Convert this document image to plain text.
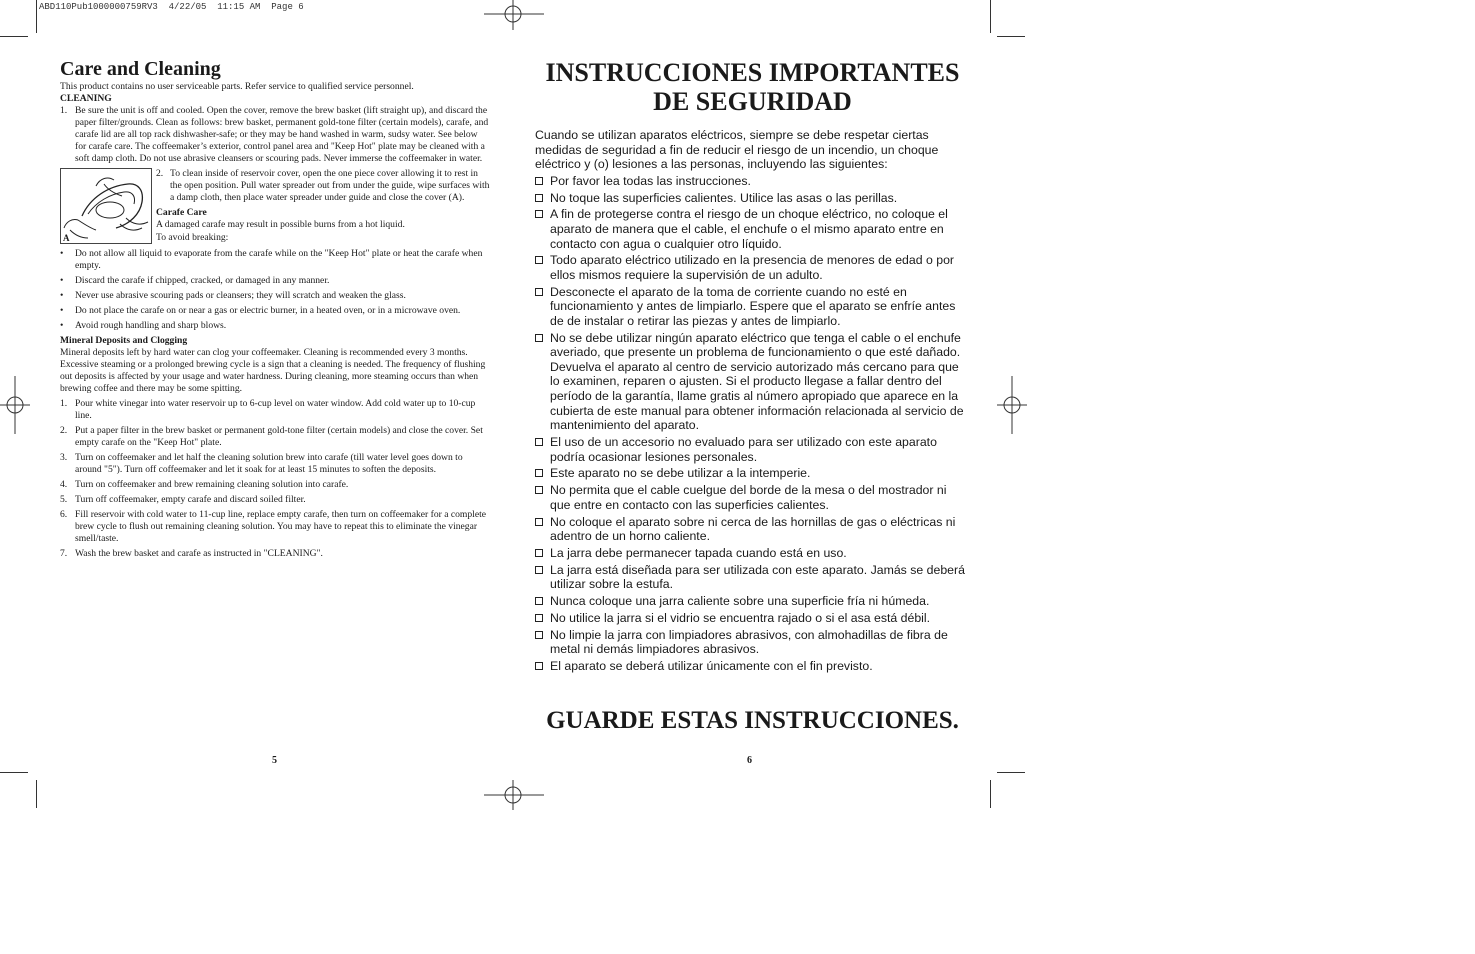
ABD110Pub1000000759RV3  4/22/05  11:15 AM  Page 6
Care and Cleaning

This product contains no user serviceable parts. Refer service to qualified service personnel.

CLEANING

1. Be sure the unit is off and cooled. Open the cover, remove the brew basket (lift straight up), and discard the paper filter/grounds. Clean as follows: brew basket, permanent gold-tone filter (certain models), carafe, and carafe lid are all top rack dishwasher-safe; or they may be hand washed in warm, sudsy water. See below for carafe care. The coffeemaker’s exterior, control panel area and "Keep Hot" plate may be cleaned with a soft damp cloth. Do not use abrasive cleansers or scouring pads. Never immerse the coffeemaker in water.
A
2. To clean inside of reservoir cover, open the one piece cover allowing it to rest in the open position. Pull water spreader out from under the guide, wipe surfaces with a damp cloth, then place water spreader under guide and close the cover (A).

Carafe Care

A damaged carafe may result in possible burns from a hot liquid.

To avoid breaking:

• Do not allow all liquid to evaporate from the carafe while on the "Keep Hot" plate or heat the carafe when empty.
• Discard the carafe if chipped, cracked, or damaged in any manner.
• Never use abrasive scouring pads or cleansers; they will scratch and weaken the glass.
• Do not place the carafe on or near a gas or electric burner, in a heated oven, or in a microwave oven.
• Avoid rough handling and sharp blows.

Mineral Deposits and Clogging

Mineral deposits left by hard water can clog your coffeemaker. Cleaning is recommended every 3 months. Excessive steaming or a prolonged brewing cycle is a sign that a cleaning is needed. The frequency of flushing out deposits is affected by your usage and water hardness. During cleaning, more steaming occurs than when brewing coffee and there may be some spitting.

1. Pour white vinegar into water reservoir up to 6-cup level on water window. Add cold water up to 10-cup line.
2. Put a paper filter in the brew basket or permanent gold-tone filter (certain models) and close the cover. Set empty carafe on the "Keep Hot" plate.
3. Turn on coffeemaker and let half the cleaning solution brew into carafe (till water level goes down to around "5"). Turn off coffeemaker and let it soak for at least 15 minutes to soften the deposits.
4. Turn on coffeemaker and brew remaining cleaning solution into carafe.
5. Turn off coffeemaker, empty carafe and discard soiled filter.
6. Fill reservoir with cold water to 11-cup line, replace empty carafe, then turn on coffeemaker for a complete brew cycle to flush out remaining cleaning solution. You may have to repeat this to eliminate the vinegar smell/taste.
7. Wash the brew basket and carafe as instructed in "CLEANING".
5
INSTRUCCIONES IMPORTANTES
DE SEGURIDAD

Cuando se utilizan aparatos eléctricos, siempre se debe respetar ciertas medidas de seguridad a fin de reducir el riesgo de un incendio, un choque eléctrico y (o) lesiones a las personas, incluyendo las siguientes:

Por favor lea todas las instrucciones.
No toque las superficies calientes. Utilice las asas o las perillas.
A fin de protegerse contra el riesgo de un choque eléctrico, no coloque el aparato de manera que el cable, el enchufe o el mismo aparato entre en contacto con agua o cualquier otro líquido.
Todo aparato eléctrico utilizado en la presencia de menores de edad o por ellos mismos requiere la supervisión de un adulto.
Desconecte el aparato de la toma de corriente cuando no esté en funcionamiento y antes de limpiarlo. Espere que el aparato se enfríe antes de de instalar o retirar las piezas y antes de limpiarlo.
No se debe utilizar ningún aparato eléctrico que tenga el cable o el enchufe averiado, que presente un problema de funcionamiento o que esté dañado. Devuelva el aparato al centro de servicio autorizado más cercano para que lo examinen, reparen o ajusten. Si el producto llegase a fallar dentro del período de la garantía, llame gratis al número apropiado que aparece en la cubierta de este manual para obtener información relacionada al servicio de mantenimiento del aparato.
El uso de un accesorio no evaluado para ser utilizado con este aparato podría ocasionar lesiones personales.
Este aparato no se debe utilizar a la intemperie.
No permita que el cable cuelgue del borde de la mesa o del mostrador ni que entre en contacto con las superficies calientes.
No coloque el aparato sobre ni cerca de las hornillas de gas o eléctricas ni adentro de un horno caliente.
La jarra debe permanecer tapada cuando está en uso.
La jarra está diseñada para ser utilizada con este aparato. Jamás se deberá utilizar sobre la estufa.
Nunca coloque una jarra caliente sobre una superficie fría ni húmeda.
No utilice la jarra si el vidrio se encuentra rajado o si el asa está débil.
No limpie la jarra con limpiadores abrasivos, con almohadillas de fibra de metal ni demás limpiadores abrasivos.
El aparato se deberá utilizar únicamente con el fin previsto.
GUARDE ESTAS INSTRUCCIONES.
6
